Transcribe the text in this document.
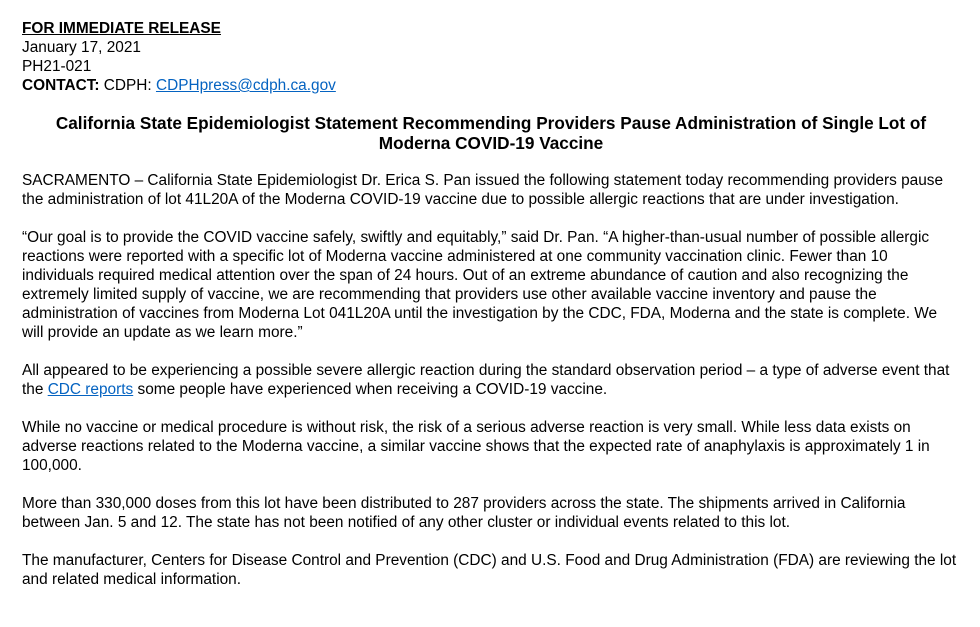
FOR IMMEDIATE RELEASE
January 17, 2021
PH21-021
CONTACT: CDPH: CDPHpress@cdph.ca.gov
California State Epidemiologist Statement Recommending Providers Pause Administration of Single Lot of Moderna COVID-19 Vaccine

SACRAMENTO – California State Epidemiologist Dr. Erica S. Pan issued the following statement today recommending providers pause the administration of lot 41L20A of the Moderna COVID-19 vaccine due to possible allergic reactions that are under investigation.

“Our goal is to provide the COVID vaccine safely, swiftly and equitably,” said Dr. Pan. “A higher-than-usual number of possible allergic reactions were reported with a specific lot of Moderna vaccine administered at one community vaccination clinic. Fewer than 10 individuals required medical attention over the span of 24 hours. Out of an extreme abundance of caution and also recognizing the extremely limited supply of vaccine, we are recommending that providers use other available vaccine inventory and pause the administration of vaccines from Moderna Lot 041L20A until the investigation by the CDC, FDA, Moderna and the state is complete. We will provide an update as we learn more.”

All appeared to be experiencing a possible severe allergic reaction during the standard observation period – a type of adverse event that the CDC reports some people have experienced when receiving a COVID-19 vaccine.

While no vaccine or medical procedure is without risk, the risk of a serious adverse reaction is very small. While less data exists on adverse reactions related to the Moderna vaccine, a similar vaccine shows that the expected rate of anaphylaxis is approximately 1 in 100,000.

More than 330,000 doses from this lot have been distributed to 287 providers across the state. The shipments arrived in California between Jan. 5 and 12. The state has not been notified of any other cluster or individual events related to this lot.

The manufacturer, Centers for Disease Control and Prevention (CDC) and U.S. Food and Drug Administration (FDA) are reviewing the lot and related medical information.
